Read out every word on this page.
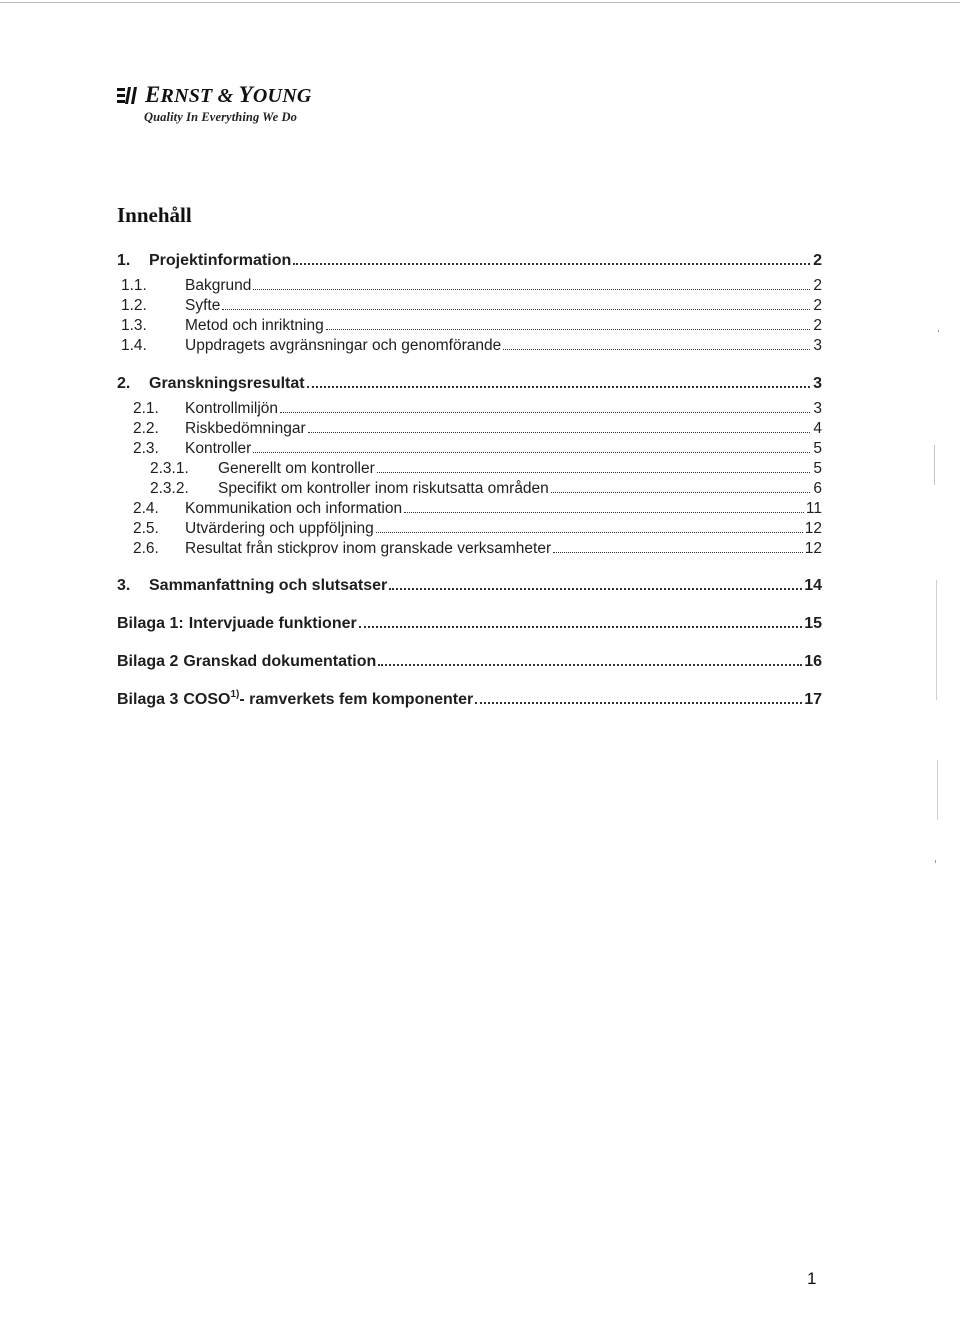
ERNST & YOUNG
Quality In Everything We Do
Innehåll
1. Projektinformation	2
1.1. Bakgrund	2
1.2. Syfte	2
1.3. Metod och inriktning	2
1.4. Uppdragets avgränsningar och genomförande	3
2. Granskningsresultat	3
2.1. Kontrollmiljön	3
2.2. Riskbedömningar	4
2.3. Kontroller	5
2.3.1. Generellt om kontroller	5
2.3.2. Specifikt om kontroller inom riskutsatta områden	6
2.4. Kommunikation och information	11
2.5. Utvärdering och uppföljning	12
2.6. Resultat från stickprov inom granskade verksamheter	12
3. Sammanfattning och slutsatser	14
Bilaga 1: Intervjuade funktioner	15
Bilaga 2 Granskad dokumentation	16
Bilaga 3 COSO$^{1)}$- ramverkets fem komponenter	17
1
